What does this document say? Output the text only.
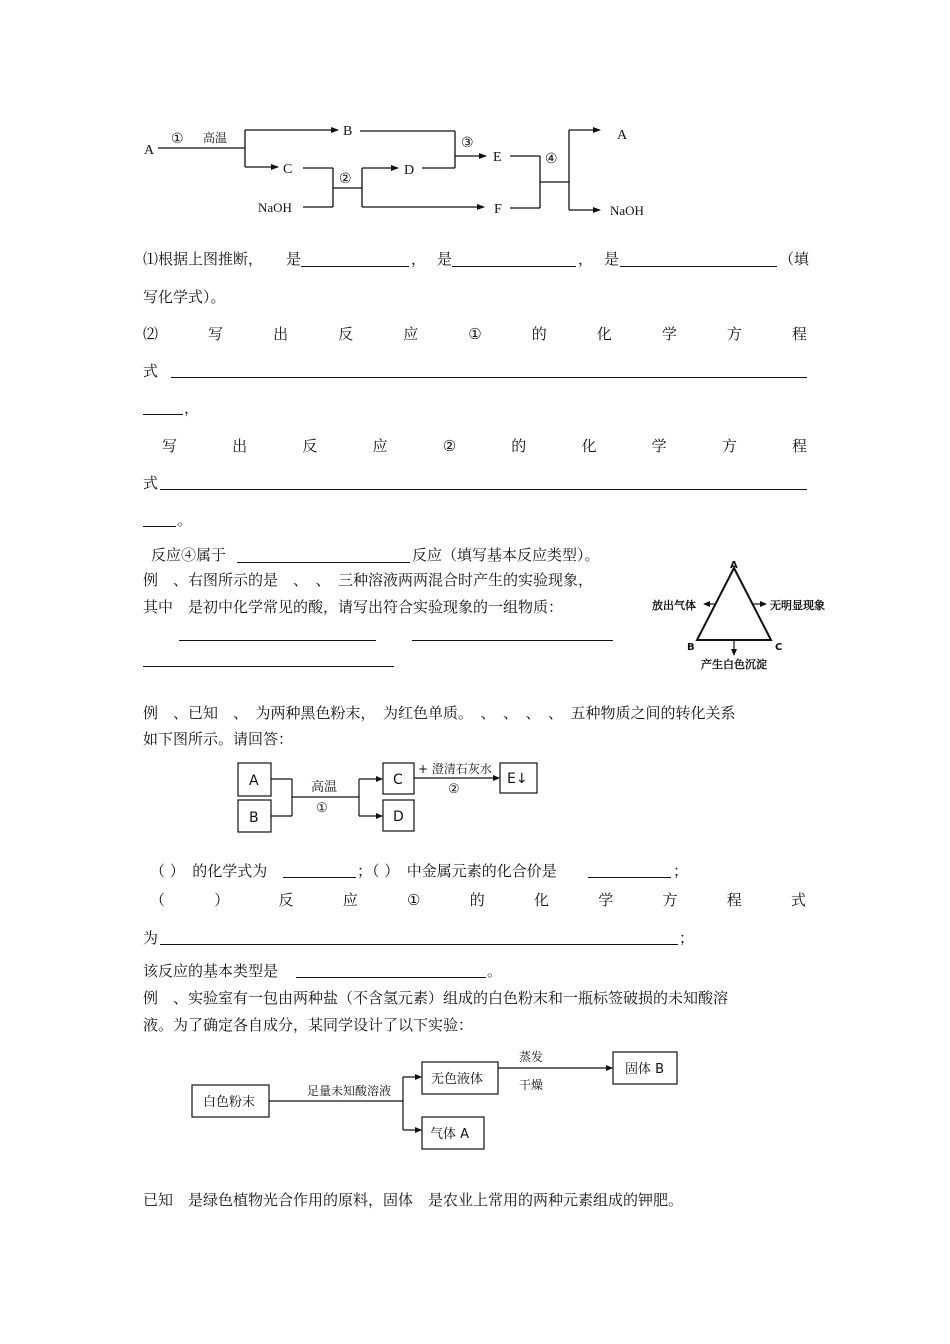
A
① 高温	B
C
②
D
NaOH
③
E
F
④
A
NaOH
⑴根据上图推断， 是	， 是	， 是	（填
写化学式）。
⑵	写	出	反	应	①	的	化	学	方	程
式
，
写	出	反	应	②	的	化	学	方	程
式
。
反应④属于	反应（填写基本反应类型）。
例　、右图所示的是　、　、　三种溶液两两混合时产生的实验现象，
其中　是初中化学常见的酸，请写出符合实验现象的一组物质：
A
B	C
放出气体	无明显现象
产生白色沉淀
例　、已知　、　为两种黑色粉末，　为红色单质。　、　、　、　、　五种物质之间的转化关系
如下图所示。请回答：
A
B
C
D
E↓
高温
①
+ 澄清石灰水
②
（ ）　的化学式为	；（ ）　中金属元素的化合价是	；
（	）	反	应	①	的	化	学	方	程	式
为	；
该反应的基本类型是	。
例　、实验室有一包由两种盐（不含氢元素）组成的白色粉末和一瓶标签破损的未知酸溶
液。为了确定各自成分，某同学设计了以下实验：
白色粉末
足量未知酸溶液
无色液体
蒸发
干燥
固体 B
气体 A
已知　是绿色植物光合作用的原料，固体　是农业上常用的两种元素组成的钾肥。
